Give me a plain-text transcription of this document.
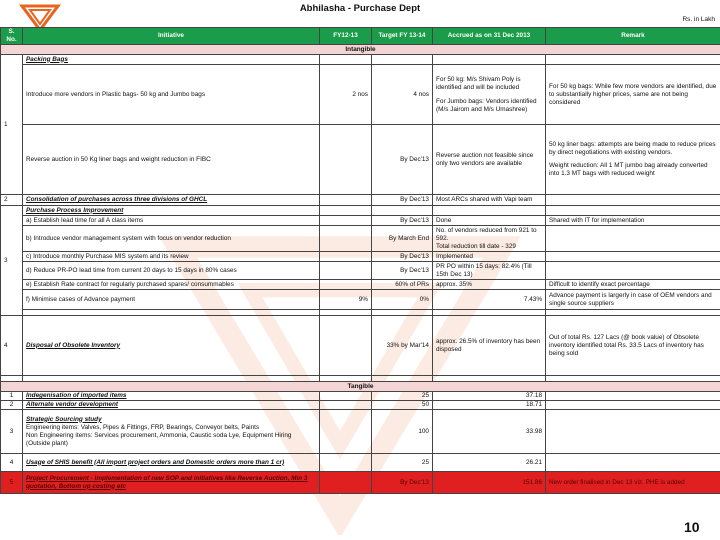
Abhilasha - Purchase Dept
Rs. in Lakh
S. No.	Initiative	FY12-13	Target FY 13-14	Accrued as on 31 Dec 2013	Remark
Intangible					
1	Packing Bags				
	Introduce more vendors in Plastic bags- 50 kg and Jumbo bags	2 nos	4 nos	For 50 kg: M/s Shivam Poly is identified and will be included
For Jumbo bags: Vendors identified (M/s Jairom and M/s Umashree)	For 50 kg bags: While few more vendors are identified, due to substantially higher prices, same are not being considered
	Reverse auction in 50 Kg liner bags and weight reduction in FIBC		By Dec'13	Reverse auction not feasible since only two vendors are available	50 kg liner bags: attempts are being made to reduce prices by direct negotiations with existing vendors.
Weight reduction: All 1 MT jumbo bag already converted into 1.3 MT bags with reduced weight

2	Consolidation of purchases across three divisions of GHCL		By Dec'13	Most ARCs shared with Vapi team	
3	Purchase Process Improvement				
	a) Establish lead time for all A class items		By Dec'13	Done	Shared with IT for implementation
	b) Introduce vendor management system with focus on vendor reduction		By March End	No. of vendors reduced from 921 to 592.
Total reduction till date - 329	

	c) Introduce monthly Purchase MIS system and its review		By Dec'13	Implemented	
	d) Reduce PR-PO lead time from current 20 days to 15 days in 80% cases		By Dec'13	PR PO within 15 days: 82.4% (Till 15th Dec 13)	
	e) Establish Rate contract for regularly purchased spares/ consummables		60% of PRs	approx. 35%	Difficult to identify exact percentage
	f) Minimise cases of Advance payment	9%	0%	7.43%	Advance payment is largerly in case of OEM vendors and single source suppliers

4	Disposal of Obsolete Inventory		33% by Mar'14	approx. 26.5% of inventory has been disposed	Out of total Rs. 127 Lacs (@ book value) of Obsolete inventory identified total Rs. 33.5 Lacs of inventory has being sold

Tangible					
1	Indegenisation of imported items		25	37.18	
2	Alternate vendor development		50	18.71	
3	Strategic Sourcing study
Engineering items: Valves, Pipes & Fittings, FRP, Bearings, Conveyor belts, Paints
Non Engineering items: Services procurement, Ammonia, Caustic soda Lye, Equipment Hiring (Outside plant)		100	33.98	
4	Usage of SHIS benefit (All import project orders and Domestic orders more than 1 cr)		25	26.21	
5	Project Procurement - Implementation of new SOP and initiatives like Reverse Auction, Min 3 quotation, Bottom up costing etc		By Dec'13	151.86	New order finalised in Dec 13 viz. PHE is added
10
